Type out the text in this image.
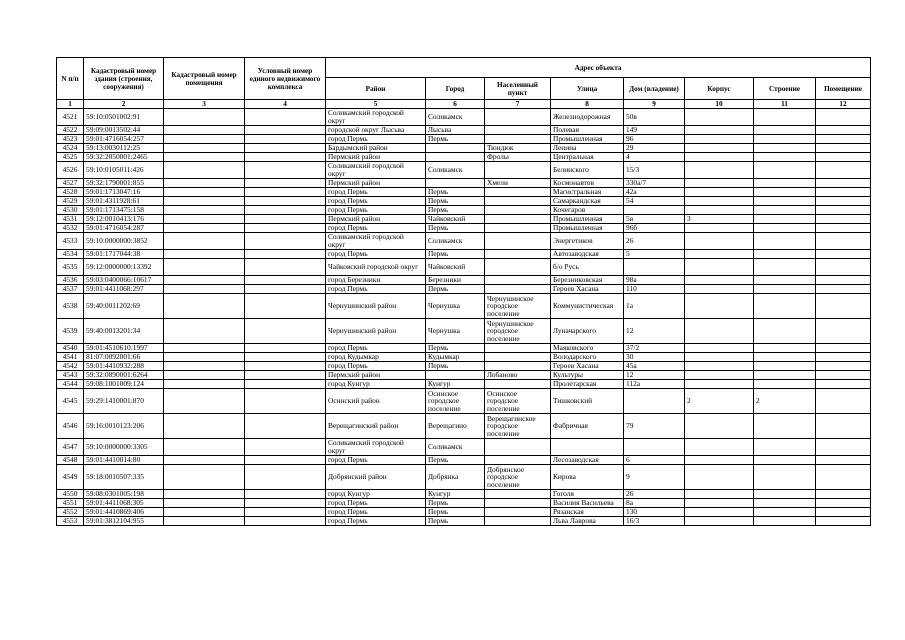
N п/п	Кадастровый номер здания (строения, сооружения)	Кадастровый номер помещения	Условный номер единого недвижимого комплекса	Адрес объекта							
				Район	Город	Населенный пункт	Улица	Дом (владение)	Корпус	Строение	Помещение
1	2	3	4	5	6	7	8	9	10	11	12
4521	59:10:0501002:91			Соликамский городской округ	Соликамск		Железнодорожная	50в			
4522	59:09:0013502:44			городской округ Лысьва	Лысьва		Полевая	149			
4523	59:01:4716054:257			город Пермь	Пермь		Промышленная	96			
4524	59:13:0030112:25			Бардымский район		Тюндюк	Ленина	29			
4525	59:32:2050001:2465			Пермский район		Фролы	Центральная	4			
4526	59:10:0105011:426			Соликамский городской округ	Соликамск		Белинского	15/3			
4527	59:32:1790001:855			Пермский район		Хмели	Космонавтов	330а/7			
4528	59:01:1713047:16			город Пермь	Пермь		Магистральная	42а			
4529	59:01:4311928:61			город Пермь	Пермь		Самаркандская	54			
4530	59:01:1713475:158			город Пермь	Пермь		Кочегаров				
4531	59:12:0010413:176			Пермский район	Чайковский		Промышленная	5в	3		
4532	59:01:4716054:287			город Пермь	Пермь		Промышленная	96б			
4533	59:10:0000000:3852			Соликамский городской округ	Соликамск		Энергетиков	26			
4534	59:01:1717044:38			город Пермь	Пермь		Автозаводская	5			
4535	59:12:0000000:13392			Чайковский городской округ	Чайковский		б/о Русь				
4536	59:03:0400066:10617			город Березники	Березники		Березниковская	98а			
4537	59:01:4411068:297			город Пермь	Пермь		Героев Хасана	110			
4538	59:40:0011202:69			Чернушинский район	Чернушка	Чернушинское городское поселение	Коммунистическая	1а			
4539	59:40:0013201:34			Чернушинский район	Чернушка	Чернушинское городское поселение	Луначарского	12			
4540	59:01:4510610:1997			город Пермь	Пермь		Маяковского	37/2			
4541	81:07:0092001:66			город Кудымкар	Кудымкар		Володарского	30			
4542	59:01:4410932:288			город Пермь	Пермь		Героев Хасана	45а			
4543	59:32:0890001:6264			Пермский район		Лобаново	Культуры	12			
4544	59:08:1001009:124			город Кунгур	Кунгур		Пролетарская	112а			
4545	59:29:1410001:870			Осинский район	Осинское городское поселение	Осинское городское поселение	Тишковский		2	2	
4546	59:16:0010123:206			Верещагинский район	Верещагино	Верещагинское городское поселение	Фабричная	79			
4547	59:10:0000000:3305			Соликамский городской округ	Соликамск						
4548	59:01:4410014:80			город Пермь	Пермь		Лесозаводская	6			
4549	59:18:0010507:335			Добрянский район	Добрянка	Добрянское городское поселение	Кирова	9			
4550	59:08:0301005:198			город Кунгур	Кунгур		Гоголя	26			
4551	59:01:4411068:305			город Пермь	Пермь		Василия Васильева	8а			
4552	59:01:4410869:406			город Пермь	Пермь		Рязанская	130			
4553	59:01:3812104:955			город Пермь	Пермь		Льва Лаврова	16/3			
